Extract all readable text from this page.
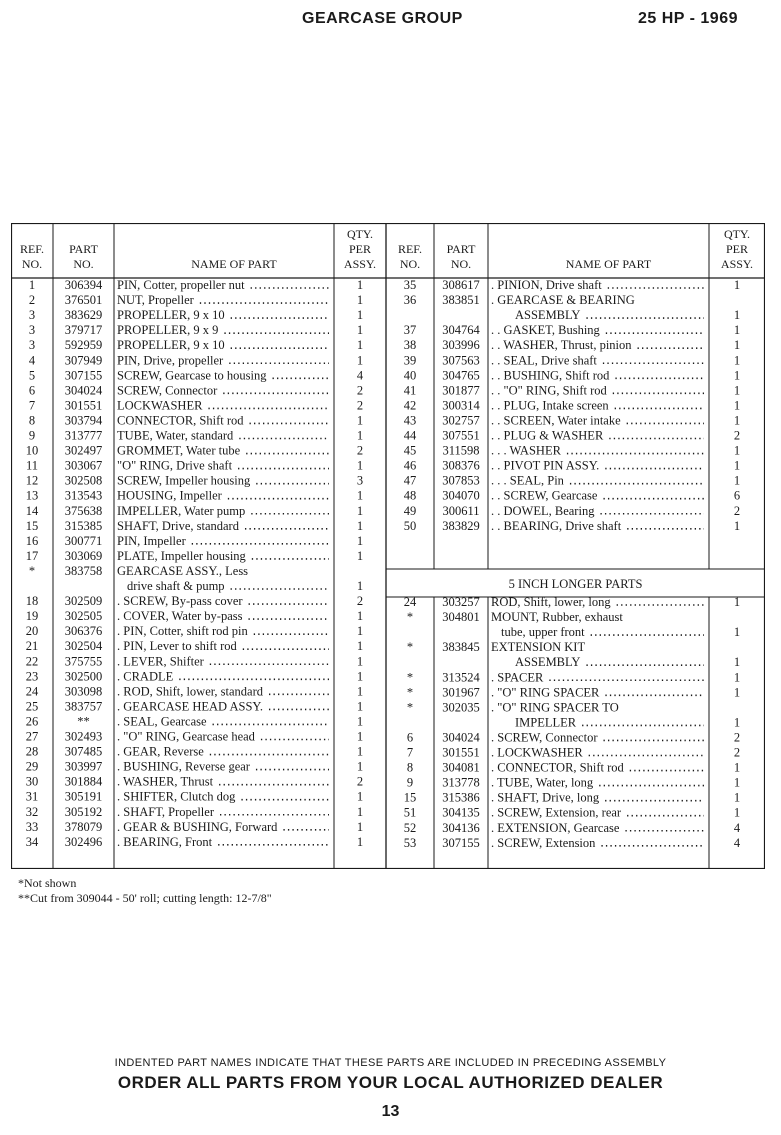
GEARCASE GROUP	25 HP - 1969
REF.
NO.
PART
NO.	NAME OF PART
QTY.
PER
ASSY.
REF.
NO.
PART
NO.	NAME OF PART
QTY.
PER
ASSY.
1 306394 PIN, Cotter, propeller nut	1
2 376501 NUT, Propeller	1
3 383629 PROPELLER, 9 x 10	1
3 379717 PROPELLER, 9 x 9	1
3 592959 PROPELLER, 9 x 10	1
4 307949 PIN, Drive, propeller	1
5 307155 SCREW, Gearcase to housing	4
6 304024 SCREW, Connector	2
7 301551 LOCKWASHER	2
8 303794 CONNECTOR, Shift rod	1
9 313777 TUBE, Water, standard	1
10 302497 GROMMET, Water tube	2
11 303067 "O" RING, Drive shaft	1
12 302508 SCREW, Impeller housing	3
13 313543 HOUSING, Impeller	1
14 375638 IMPELLER, Water pump	1
15 315385 SHAFT, Drive, standard	1
16 300771 PIN, Impeller	1
17 303069 PLATE, Impeller housing	1
* 383758 GEARCASE ASSY., Less
drive shaft & pump	1
18 302509 . SCREW, By-pass cover	2
19 302505 . COVER, Water by-pass	1
20 306376 . PIN, Cotter, shift rod pin	1
21 302504 . PIN, Lever to shift rod	1
22 375755 . LEVER, Shifter	1
23 302500 . CRADLE	1
24 303098 . ROD, Shift, lower, standard	1
25 383757 . GEARCASE HEAD ASSY.	1
26	** . SEAL, Gearcase	1
27 302493 . "O" RING, Gearcase head	1
28 307485 . GEAR, Reverse	1
29 303997 . BUSHING, Reverse gear	1
30 301884 . WASHER, Thrust	2
31 305191 . SHIFTER, Clutch dog	1
32 305192 . SHAFT, Propeller	1
33 378079 . GEAR & BUSHING, Forward	1
34 302496 . BEARING, Front	1
35 308617 . PINION, Drive shaft	1
36 383851 . GEARCASE & BEARING
ASSEMBLY	1
37 304764 . . GASKET, Bushing	1
38 303996 . . WASHER, Thrust, pinion	1
39 307563 . . SEAL, Drive shaft	1
40 304765 . . BUSHING, Shift rod	1
41 301877 . . "O" RING, Shift rod	1
42 300314 . . PLUG, Intake screen	1
43 302757 . . SCREEN, Water intake	1
44 307551 . . PLUG & WASHER	2
45 311598 . . . WASHER	1
46 308376 . . PIVOT PIN ASSY.	1
47 307853 . . . SEAL, Pin	1
48 304070 . . SCREW, Gearcase	6
49 300611 . . DOWEL, Bearing	2
50 383829 . . BEARING, Drive shaft	1
5 INCH LONGER PARTS
24 303257 ROD, Shift, lower, long	1
* 304801 MOUNT, Rubber, exhaust
tube, upper front	1
* 383845 EXTENSION KIT
ASSEMBLY	1
* 313524 . SPACER	1
* 301967 . "O" RING SPACER	1
* 302035 . "O" RING SPACER TO
IMPELLER	1
6 304024 . SCREW, Connector	2
7 301551 . LOCKWASHER	2
8 304081 . CONNECTOR, Shift rod	1
9 313778 . TUBE, Water, long	1
15 315386 . SHAFT, Drive, long	1
51 304135 . SCREW, Extension, rear	1
52 304136 . EXTENSION, Gearcase	4
53 307155 . SCREW, Extension	4
*Not shown
**Cut from 309044 - 50' roll; cutting length: 12-7/8"
INDENTED PART NAMES INDICATE THAT THESE PARTS ARE INCLUDED IN PRECEDING ASSEMBLY
ORDER ALL PARTS FROM YOUR LOCAL AUTHORIZED DEALER
13
